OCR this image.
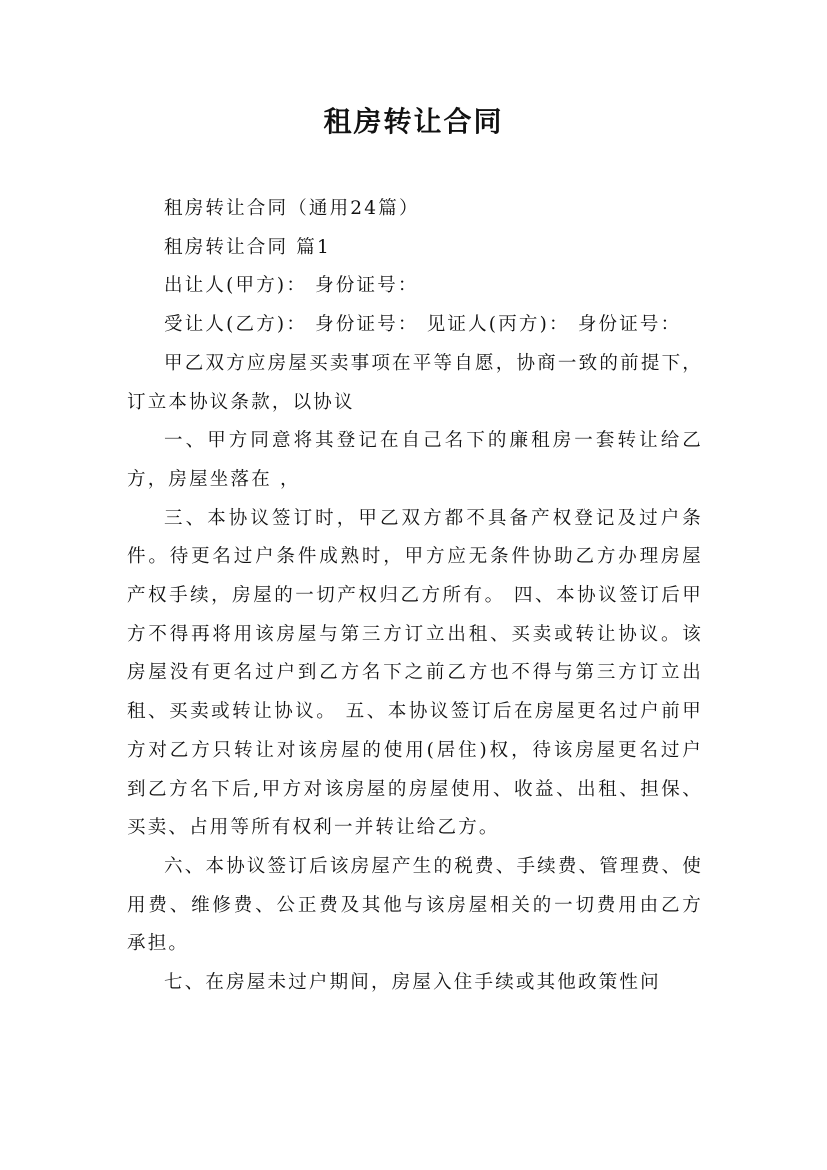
租房转让合同

租房转让合同（通用24篇）

租房转让合同 篇1

出让人(甲方)： 身份证号：

受让人(乙方)： 身份证号： 见证人(丙方)： 身份证号：

甲乙双方应房屋买卖事项在平等自愿，协商一致的前提下，订立本协议条款，以协议

一、甲方同意将其登记在自己名下的廉租房一套转让给乙方，房屋坐落在 ，

三、本协议签订时，甲乙双方都不具备产权登记及过户条件。待更名过户条件成熟时，甲方应无条件协助乙方办理房屋产权手续，房屋的一切产权归乙方所有。 四、本协议签订后甲方不得再将用该房屋与第三方订立出租、买卖或转让协议。该房屋没有更名过户到乙方名下之前乙方也不得与第三方订立出租、买卖或转让协议。 五、本协议签订后在房屋更名过户前甲方对乙方只转让对该房屋的使用(居住)权，待该房屋更名过户到乙方名下后,甲方对该房屋的房屋使用、收益、出租、担保、买卖、占用等所有权利一并转让给乙方。

六、本协议签订后该房屋产生的税费、手续费、管理费、使用费、维修费、公正费及其他与该房屋相关的一切费用由乙方承担。

七、在房屋未过户期间，房屋入住手续或其他政策性问
